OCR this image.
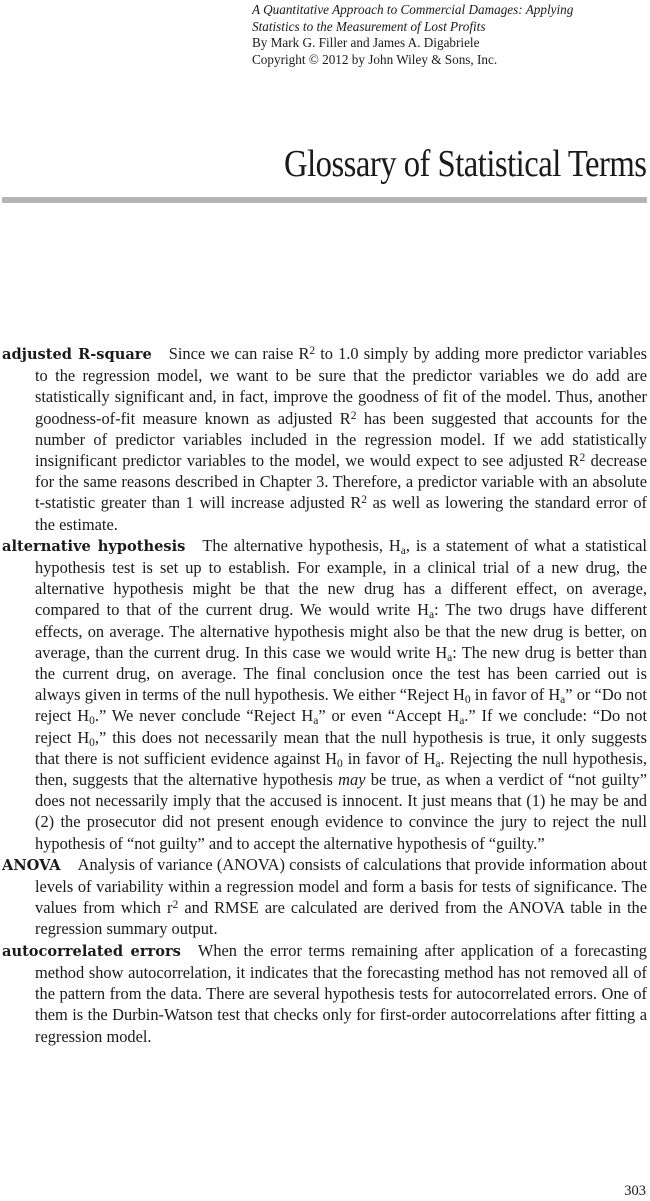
A Quantitative Approach to Commercial Damages: Applying
Statistics to the Measurement of Lost Profits
By Mark G. Filler and James A. Digabriele
Copyright © 2012 by John Wiley & Sons, Inc.
Glossary of Statistical Terms

adjusted R-square Since we can raise $R^2$ to 1.0 simply by adding more predictor variables to the regression model, we want to be sure that the predictor variables we do add are statistically significant and, in fact, improve the goodness of fit of the model. Thus, another goodness-of-fit measure known as adjusted $R^2$ has been suggested that accounts for the number of predictor variables included in the regression model. If we add statistically insignificant predictor variables to the model, we would expect to see adjusted $R^2$ decrease for the same reasons described in Chapter 3. Therefore, a predictor variable with an absolute t-statistic greater than 1 will increase adjusted $R^2$ as well as lowering the standard error of the estimate.

alternative hypothesis The alternative hypothesis, $H_a$, is a statement of what a statistical hypothesis test is set up to establish. For example, in a clinical trial of a new drug, the alternative hypothesis might be that the new drug has a different effect, on average, compared to that of the current drug. We would write $H_a$: The two drugs have different effects, on average. The alternative hypothesis might also be that the new drug is better, on average, than the current drug. In this case we would write $H_a$: The new drug is better than the current drug, on average. The final conclusion once the test has been carried out is always given in terms of the null hypothesis. We either “Reject $H_0$ in favor of $H_a$” or “Do not reject $H_0$.” We never conclude “Reject $H_a$” or even “Accept $H_a$.” If we conclude: “Do not reject $H_0$,” this does not necessarily mean that the null hypothesis is true, it only suggests that there is not sufficient evidence against $H_0$ in favor of $H_a$. Rejecting the null hypothesis, then, suggests that the alternative hypothesis may be true, as when a verdict of “not guilty” does not necessarily imply that the accused is innocent. It just means that (1) he may be and (2) the prosecutor did not present enough evidence to convince the jury to reject the null hypothesis of “not guilty” and to accept the alternative hypothesis of “guilty.”

ANOVA Analysis of variance (ANOVA) consists of calculations that provide information about levels of variability within a regression model and form a basis for tests of significance. The values from which $r^2$ and RMSE are calculated are derived from the ANOVA table in the regression summary output.

autocorrelated errors When the error terms remaining after application of a forecasting method show autocorrelation, it indicates that the forecasting method has not removed all of the pattern from the data. There are several hypothesis tests for autocorrelated errors. One of them is the Durbin-Watson test that checks only for first-order autocorrelations after fitting a regression model.

303
